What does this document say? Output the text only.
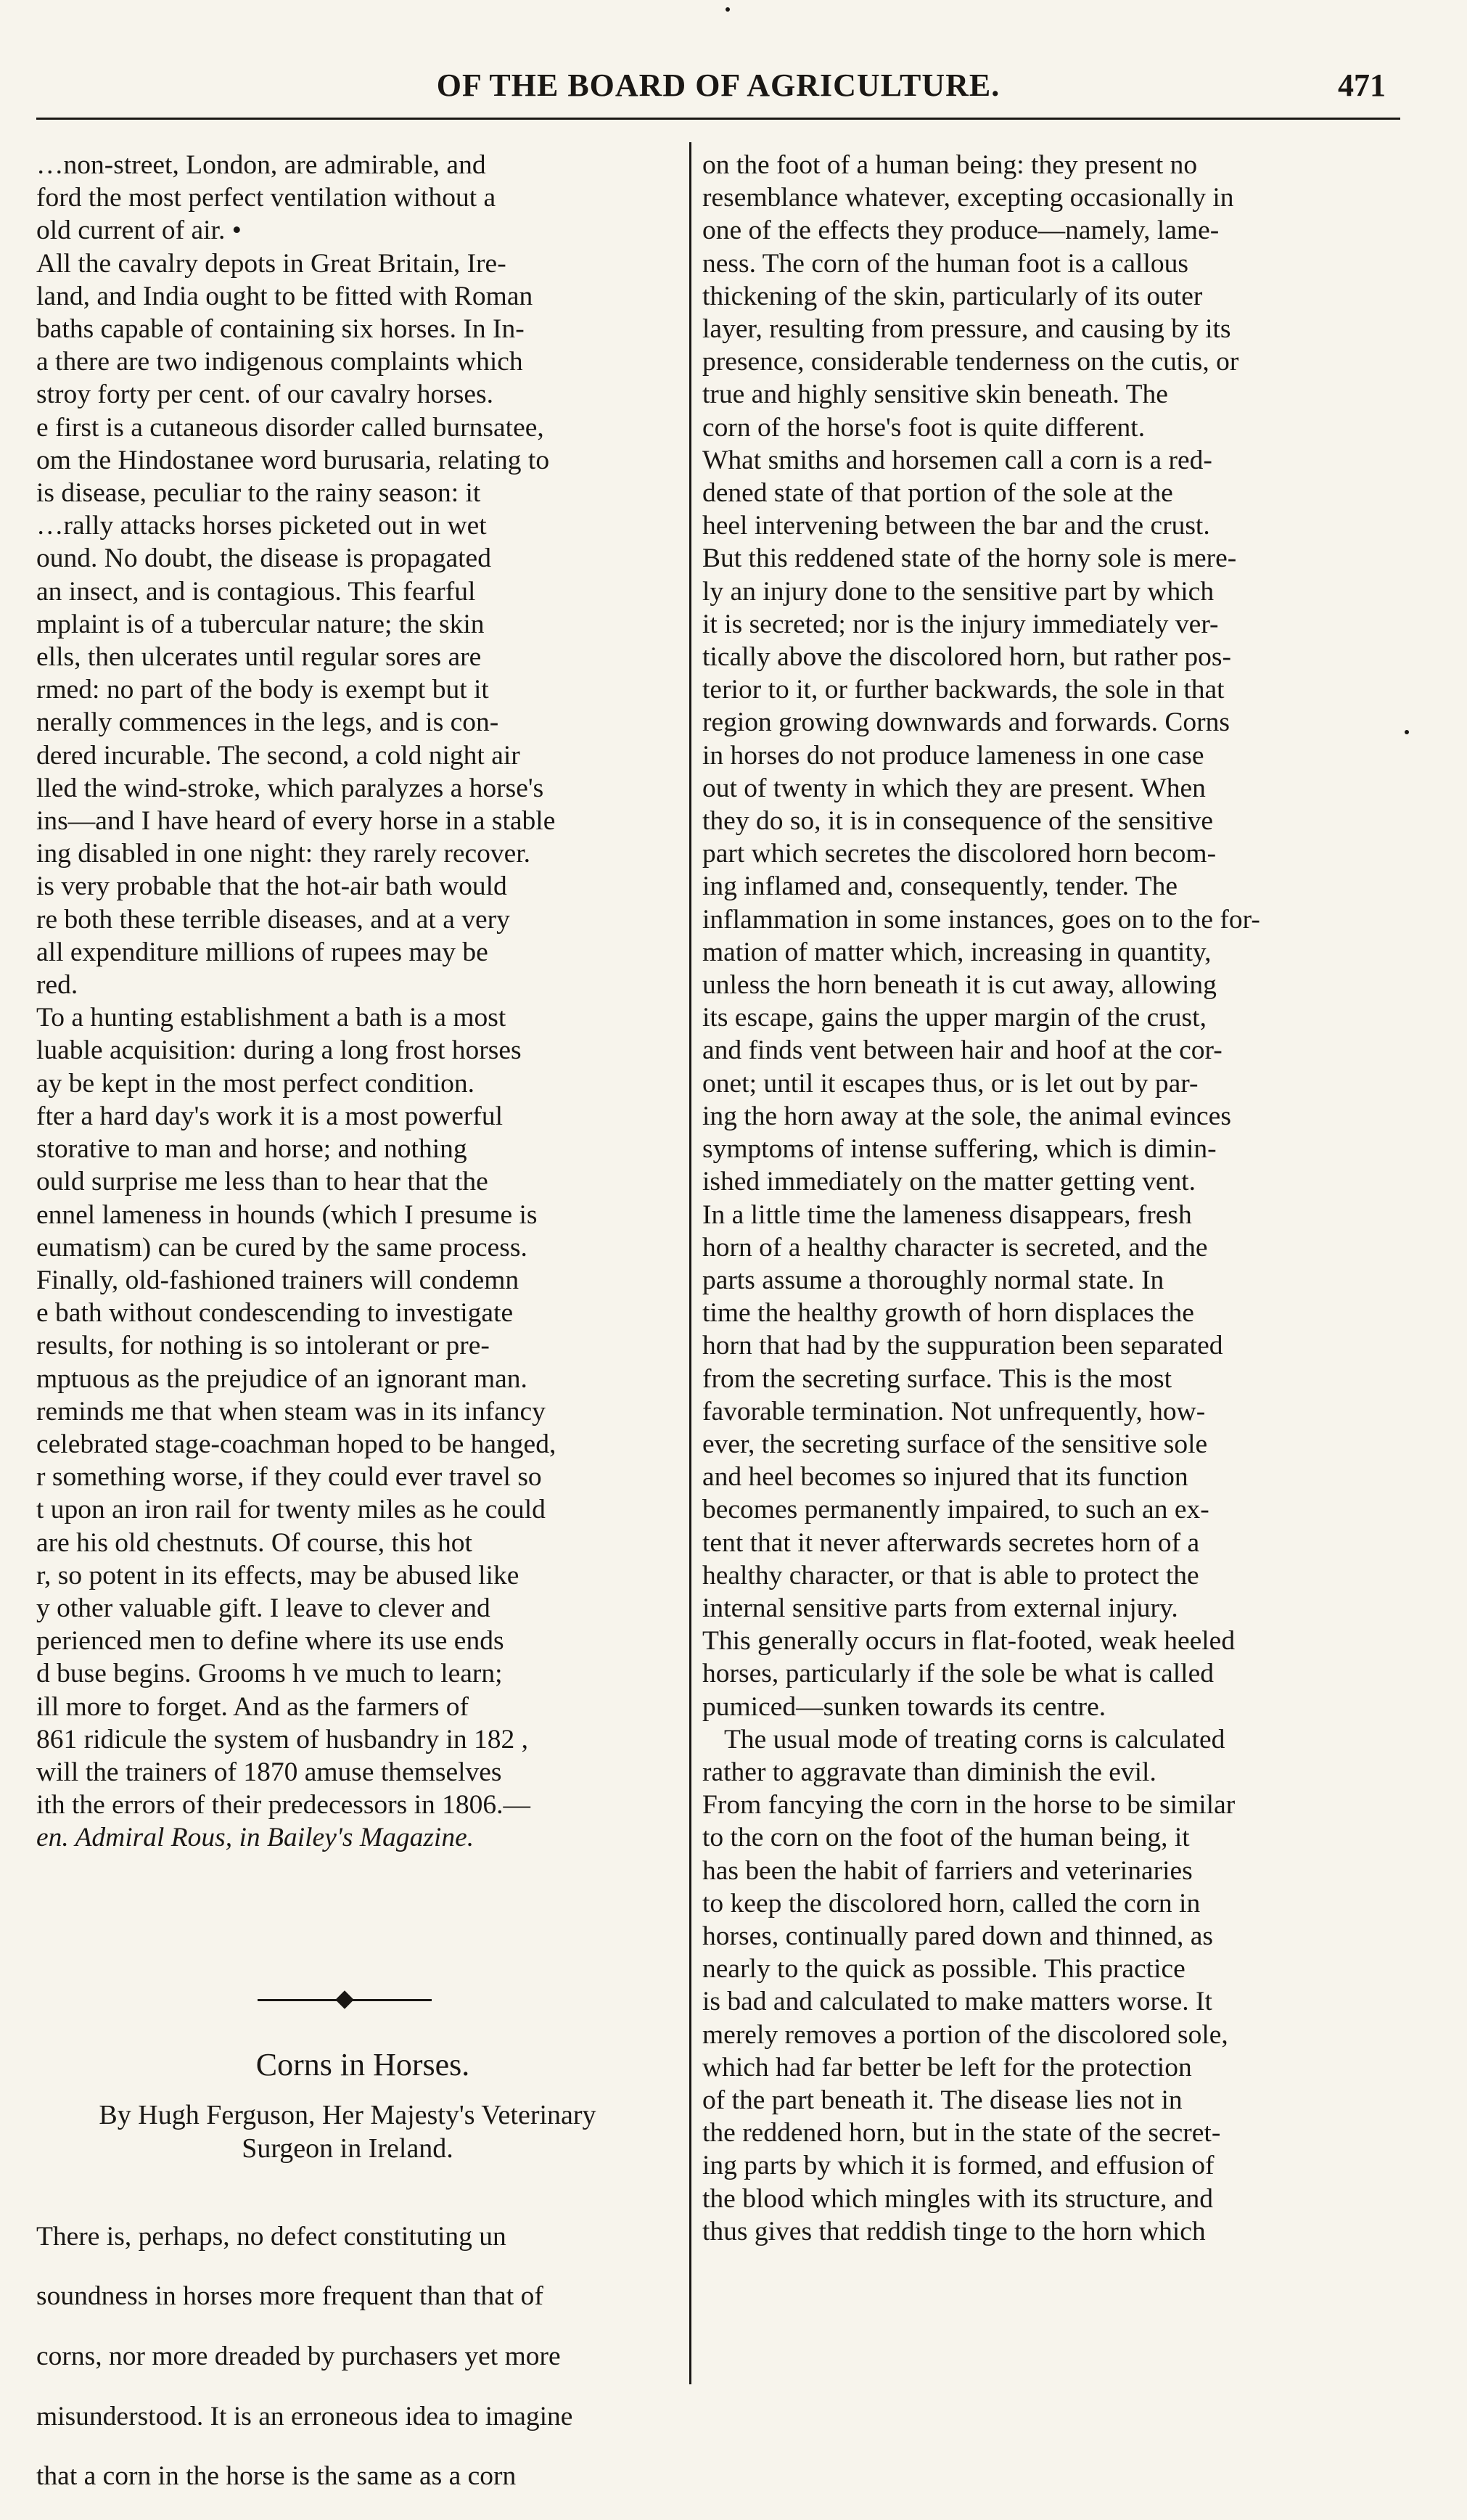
OF THE BOARD OF AGRICULTURE.	471

…non-street, London, are admirable, and

ford the most perfect ventilation without a

old current of air. •

All the cavalry depots in Great Britain, Ire-

land, and India ought to be fitted with Roman

baths capable of containing six horses. In In-

a there are two indigenous complaints which

stroy forty per cent. of our cavalry horses.

e first is a cutaneous disorder called burnsatee,

om the Hindostanee word burusaria, relating to

is disease, peculiar to the rainy season: it

…rally attacks horses picketed out in wet

ound. No doubt, the disease is propagated

an insect, and is contagious. This fearful

mplaint is of a tubercular nature; the skin

ells, then ulcerates until regular sores are

rmed: no part of the body is exempt but it

nerally commences in the legs, and is con-

dered incurable. The second, a cold night air

lled the wind-stroke, which paralyzes a horse's

ins—and I have heard of every horse in a stable

ing disabled in one night: they rarely recover.

is very probable that the hot-air bath would

re both these terrible diseases, and at a very

all expenditure millions of rupees may be

red.

To a hunting establishment a bath is a most

luable acquisition: during a long frost horses

ay be kept in the most perfect condition.

fter a hard day's work it is a most powerful

storative to man and horse; and nothing

ould surprise me less than to hear that the

ennel lameness in hounds (which I presume is

eumatism) can be cured by the same process.

Finally, old-fashioned trainers will condemn

e bath without condescending to investigate

results, for nothing is so intolerant or pre-

mptuous as the prejudice of an ignorant man.

reminds me that when steam was in its infancy

celebrated stage-coachman hoped to be hanged,

r something worse, if they could ever travel so

t upon an iron rail for twenty miles as he could

are his old chestnuts. Of course, this hot

r, so potent in its effects, may be abused like

y other valuable gift. I leave to clever and

perienced men to define where its use ends

d buse begins. Grooms h ve much to learn;

ill more to forget. And as the farmers of

861 ridicule the system of husbandry in 182 ,

will the trainers of 1870 amuse themselves

ith the errors of their predecessors in 1806.—

en. Admiral Rous, in Bailey's Magazine.

Corns in Horses.
By Hugh Ferguson, Her Majesty's Veterinary
Surgeon in Ireland.

There is, perhaps, no defect constituting un

soundness in horses more frequent than that of

corns, nor more dreaded by purchasers yet more

misunderstood. It is an erroneous idea to imagine

that a corn in the horse is the same as a corn

on the foot of a human being: they present no

resemblance whatever, excepting occasionally in

one of the effects they produce—namely, lame-

ness. The corn of the human foot is a callous

thickening of the skin, particularly of its outer

layer, resulting from pressure, and causing by its

presence, considerable tenderness on the cutis, or

true and highly sensitive skin beneath. The

corn of the horse's foot is quite different.

What smiths and horsemen call a corn is a red-

dened state of that portion of the sole at the

heel intervening between the bar and the crust.

But this reddened state of the horny sole is mere-

ly an injury done to the sensitive part by which

it is secreted; nor is the injury immediately ver-

tically above the discolored horn, but rather pos-

terior to it, or further backwards, the sole in that

region growing downwards and forwards. Corns

in horses do not produce lameness in one case

out of twenty in which they are present. When

they do so, it is in consequence of the sensitive

part which secretes the discolored horn becom-

ing inflamed and, consequently, tender. The

inflammation in some instances, goes on to the for-

mation of matter which, increasing in quantity,

unless the horn beneath it is cut away, allowing

its escape, gains the upper margin of the crust,

and finds vent between hair and hoof at the cor-

onet; until it escapes thus, or is let out by par-

ing the horn away at the sole, the animal evinces

symptoms of intense suffering, which is dimin-

ished immediately on the matter getting vent.

In a little time the lameness disappears, fresh

horn of a healthy character is secreted, and the

parts assume a thoroughly normal state. In

time the healthy growth of horn displaces the

horn that had by the suppuration been separated

from the secreting surface. This is the most

favorable termination. Not unfrequently, how-

ever, the secreting surface of the sensitive sole

and heel becomes so injured that its function

becomes permanently impaired, to such an ex-

tent that it never afterwards secretes horn of a

healthy character, or that is able to protect the

internal sensitive parts from external injury.

This generally occurs in flat-footed, weak heeled

horses, particularly if the sole be what is called

pumiced—sunken towards its centre.

The usual mode of treating corns is calculated

rather to aggravate than diminish the evil.

From fancying the corn in the horse to be similar

to the corn on the foot of the human being, it

has been the habit of farriers and veterinaries

to keep the discolored horn, called the corn in

horses, continually pared down and thinned, as

nearly to the quick as possible. This practice

is bad and calculated to make matters worse. It

merely removes a portion of the discolored sole,

which had far better be left for the protection

of the part beneath it. The disease lies not in

the reddened horn, but in the state of the secret-

ing parts by which it is formed, and effusion of

the blood which mingles with its structure, and

thus gives that reddish tinge to the horn which
